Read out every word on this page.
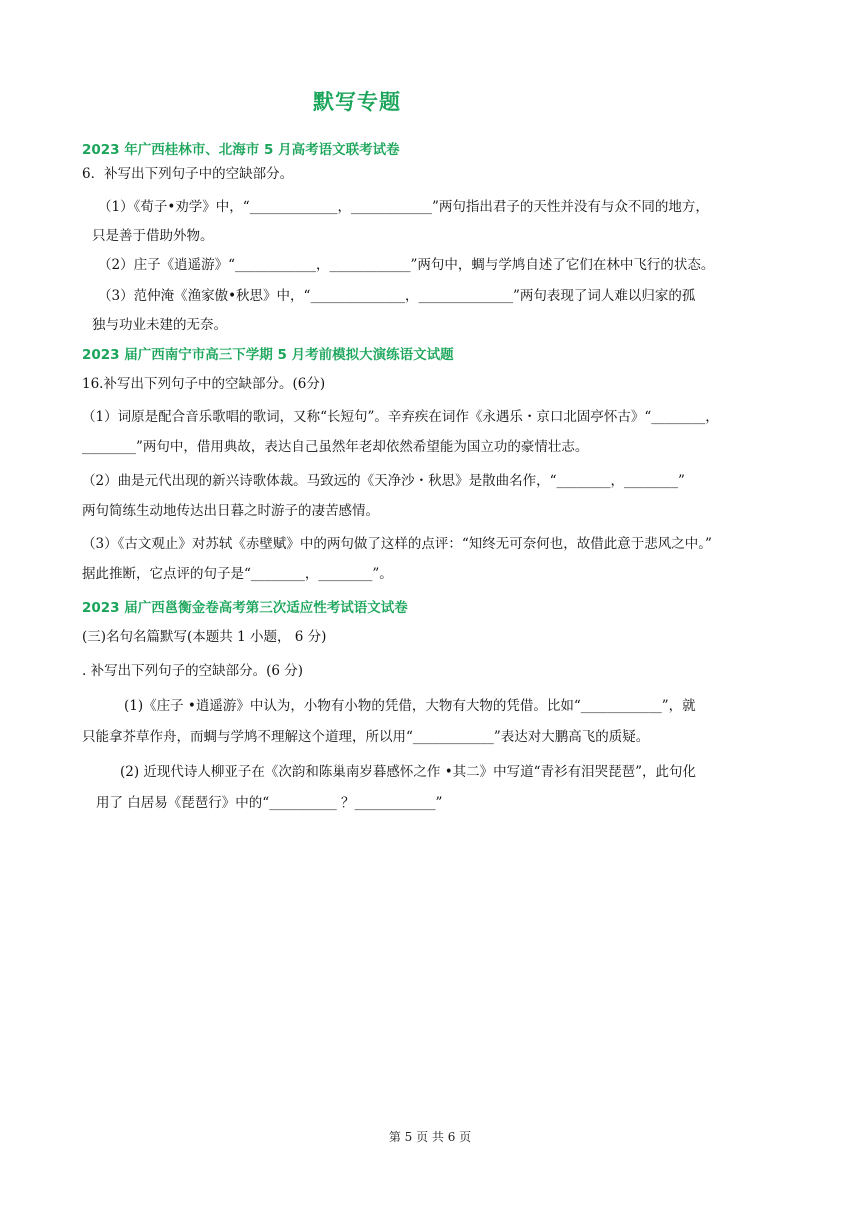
默写专题
2023 年广西桂林市、北海市 5 月高考语文联考试卷
6．补写出下列句子中的空缺部分。
（1）《荀子•劝学》中，“_____________，____________”两句指出君子的天性并没有与众不同的地方，
只是善于借助外物。
（2）庄子《逍遥游》“____________，____________”两句中，蜩与学鸠自述了它们在林中飞行的状态。
（3）范仲淹《渔家傲•秋思》中，“______________，______________”两句表现了词人难以归家的孤
独与功业未建的无奈。
2023 届广西南宁市高三下学期 5 月考前模拟大演练语文试题
16.补写出下列句子中的空缺部分。(6分)
（1）词原是配合音乐歌唱的歌词，又称“长短句”。辛弃疾在词作《永遇乐・京口北固亭怀古》“________，
________”两句中，借用典故，表达自己虽然年老却依然希望能为国立功的豪情壮志。
（2）曲是元代出现的新兴诗歌体裁。马致远的《天净沙・秋思》是散曲名作，“________，________”
两句简练生动地传达出日暮之时游子的凄苦感情。
（3）《古文观止》对苏轼《赤壁赋》中的两句做了这样的点评：“知终无可奈何也，故借此意于悲风之中。”
据此推断，它点评的句子是“________，________”。
2023 届广西邕衡金卷高考第三次适应性考试语文试卷
(三)名句名篇默写(本题共 1 小题， 6 分)
. 补写出下列句子的空缺部分。(6 分)
(1)《庄子 •逍遥游》中认为，小物有小物的凭借，大物有大物的凭借。比如“____________”，就
只能拿芥草作舟，而蜩与学鸠不理解这个道理，所以用“____________”表达对大鹏高飞的质疑。
(2) 近现代诗人柳亚子在《次韵和陈巢南岁暮感怀之作 •其二》中写道“青衫有泪哭琵琶”，此句化
用了 白居易《琵琶行》中的“__________ ？____________”
第 5 页 共 6 页
